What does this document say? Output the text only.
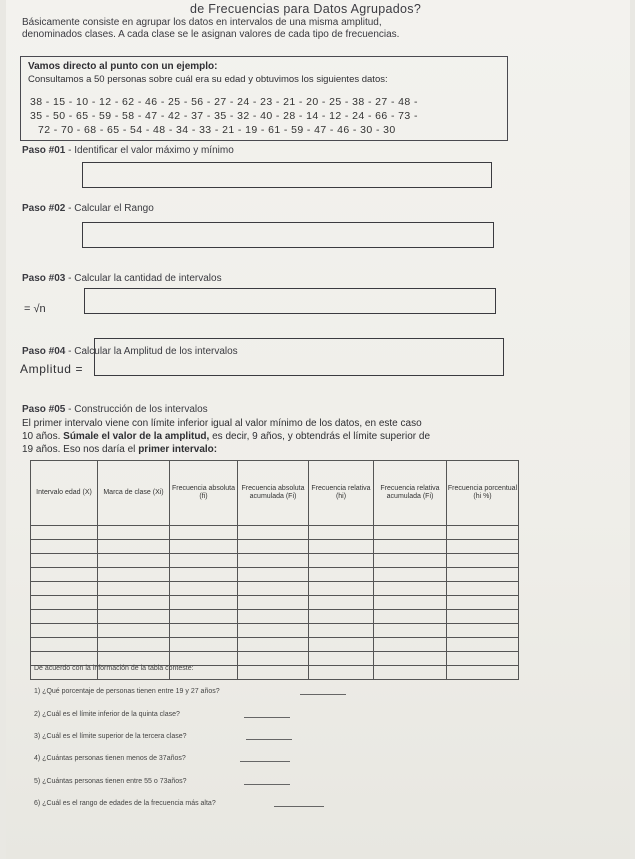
de Frecuencias para Datos Agrupados?
Básicamente consiste en agrupar los datos en intervalos de una misma amplitud,
denominados clases. A cada clase se le asignan valores de cada tipo de frecuencias.
Vamos directo al punto con un ejemplo:
Consultamos a 50 personas sobre cuál era su edad y obtuvimos los siguientes datos:
38 - 15 - 10 - 12 - 62 - 46 - 25 - 56 - 27 - 24 - 23 - 21 - 20 - 25 - 38 - 27 - 48 -
35 - 50 - 65 - 59 - 58 - 47 - 42 - 37 - 35 - 32 - 40 - 28 - 14 - 12 - 24 - 66 - 73 -
72 - 70 - 68 - 65 - 54 - 48 - 34 - 33 - 21 - 19 - 61 - 59 - 47 - 46 - 30 - 30
Paso #01 - Identificar el valor máximo y mínimo
Paso #02 - Calcular el Rango
Paso #03 - Calcular la cantidad de intervalos
= √n
Paso #04 - Calcular la Amplitud de los intervalos
Amplitud =
Paso #05 - Construcción de los intervalos
El primer intervalo viene con límite inferior igual al valor mínimo de los datos, en este caso
10 años. Súmale el valor de la amplitud, es decir, 9 años, y obtendrás el límite superior de
19 años. Eso nos daría el primer intervalo:
Intervalo edad (X)	Marca de clase (Xi)	Frecuencia absoluta (fi)	Frecuencia absoluta acumulada (Fi)	Frecuencia relativa (hi)	Frecuencia relativa acumulada (Fi)	Frecuencia porcentual (hi %)

De acuerdo con la información de la tabla conteste:
1) ¿Qué porcentaje de personas tienen entre 19 y 27 años?
2) ¿Cuál es el límite inferior de la quinta clase?
3) ¿Cuál es el límite superior de la tercera clase?
4) ¿Cuántas personas tienen menos de 37años?
5) ¿Cuántas personas tienen entre 55 o 73años?
6) ¿Cuál es el rango de edades de la frecuencia más alta?
